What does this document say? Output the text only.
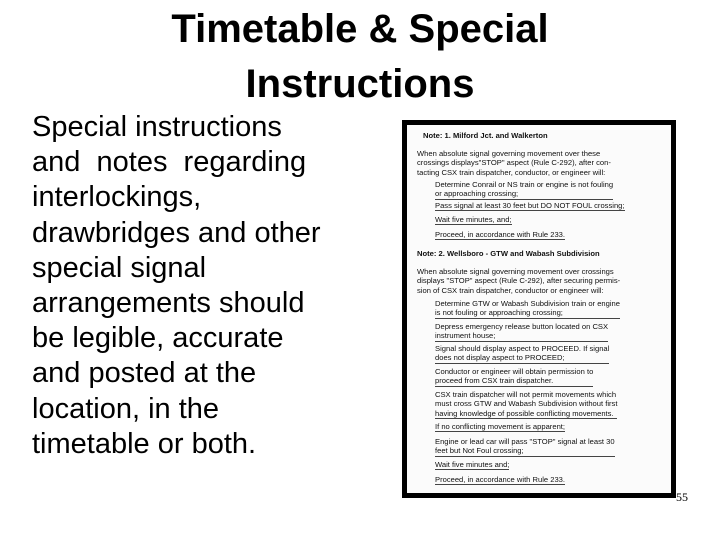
Timetable & Special
Instructions
Special instructions
and  notes  regarding
interlockings,
drawbridges and other
special signal
arrangements should
be legible, accurate
and posted at the
location, in the
timetable or both.
Note: 1. Milford Jct. and Walkerton
When absolute signal governing movement over these
crossings displays"STOP" aspect (Rule C-292), after con-
tacting CSX train dispatcher, conductor, or engineer will:
Determine Conrail or NS train or engine is not fouling
or approaching crossing;
Pass signal at least 30 feet but DO NOT FOUL crossing;
Wait five minutes, and;
Proceed, in accordance with Rule 233.
Note: 2. Wellsboro - GTW and Wabash Subdivision
When absolute signal governing movement over crossings
displays "STOP" aspect (Rule C-292), after securing permis-
sion of CSX train dispatcher, conductor or engineer will:
Determine GTW or Wabash Subdivision train or engine
is not fouling or approaching crossing;
Depress emergency release button located on CSX
instrument house;
Signal should display aspect to PROCEED. If signal
does not display aspect to PROCEED;
Conductor or engineer will obtain permission to
proceed from CSX train dispatcher.
CSX train dispatcher will not permit movements which
must cross GTW and Wabash Subdivision without first
having knowledge of possible conflicting movements.
If no conflicting movement is apparent;
Engine or lead car will pass "STOP" signal at least 30
feet but Not Foul crossing;
Wait five minutes and;
Proceed, in accordance with Rule 233.
55
